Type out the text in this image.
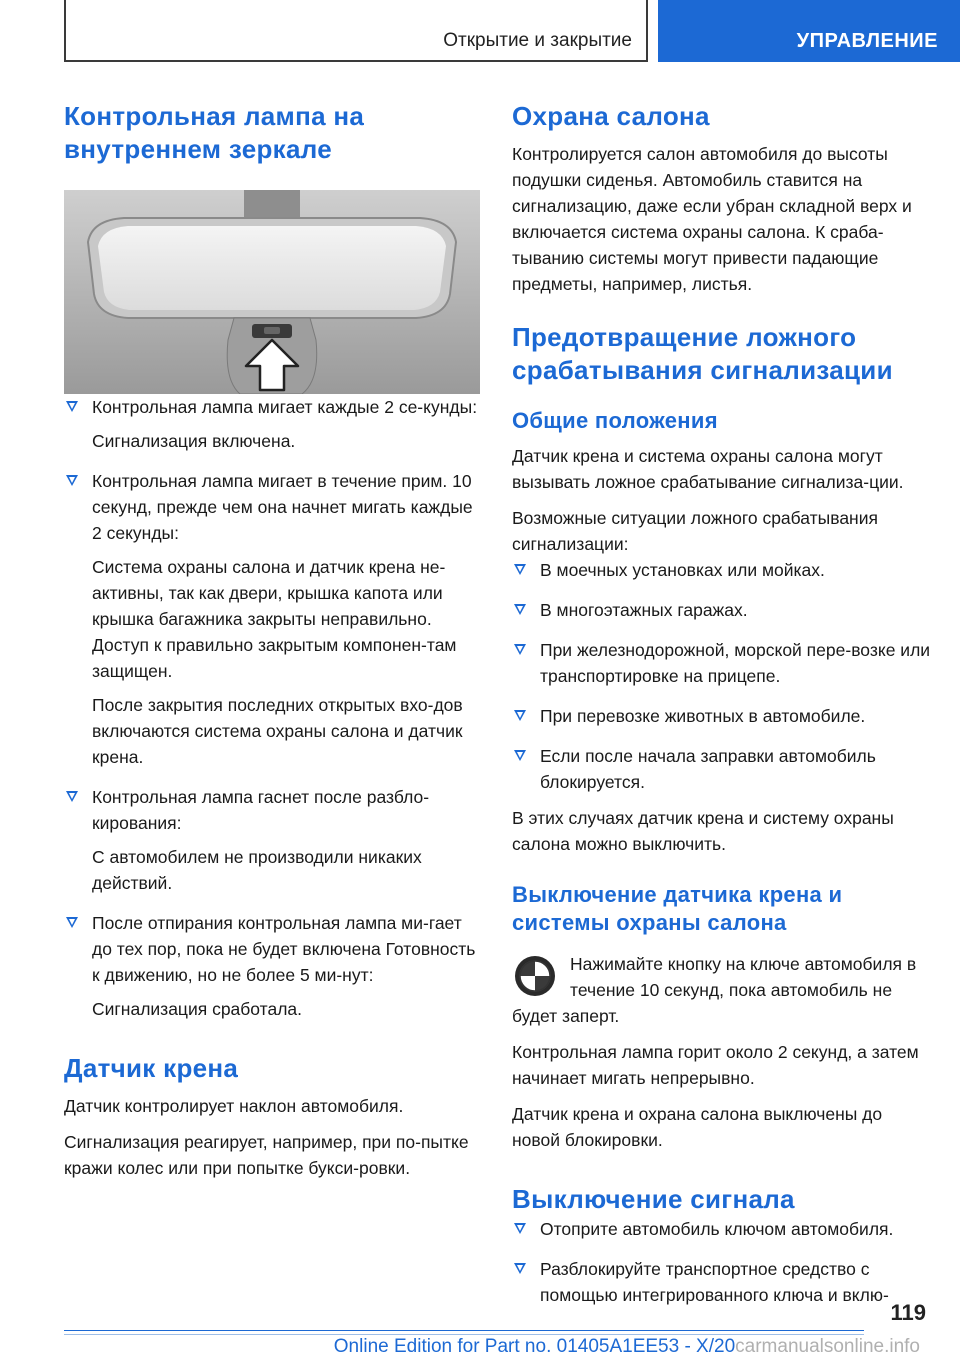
Открытие и закрытие	УПРАВЛЕНИЕ
Контрольная лампа на
внутреннем зеркале
Контрольная лампа мигает каждые 2 се‐кунды:

Сигнализация включена.

Контрольная лампа мигает в течение прим. 10 секунд, прежде чем она начнет мигать каждые 2 секунды:

Система охраны салона и датчик крена не‐активны, так как двери, крышка капота или крышка багажника закрыты неправильно. Доступ к правильно закрытым компонен‐там защищен.

После закрытия последних открытых вхо‐дов включаются система охраны салона и датчик крена.

Контрольная лампа гаснет после разбло‐кирования:

С автомобилем не производили никаких действий.

После отпирания контрольная лампа ми‐гает до тех пор, пока не будет включена Готовность к движению, но не более 5 ми‐нут:

Сигнализация сработала.

Датчик крена

Датчик контролирует наклон автомобиля.

Сигнализация реагирует, например, при по‐пытке кражи колес или при попытке букси‐ровки.

Охрана салона

Контролируется салон автомобиля до высоты подушки сиденья. Автомобиль ставится на сигнализацию, даже если убран складной верх и включается система охраны салона. К сраба‐тыванию системы могут привести падающие предметы, например, листья.

Предотвращение ложного
срабатывания сигнализации
Общие положения

Датчик крена и система охраны салона могут вызывать ложное срабатывание сигнализа‐ции.

Возможные ситуации ложного срабатывания сигнализации:

В моечных установках или мойках.
В многоэтажных гаражах.
При железнодорожной, морской пере‐возке или транспортировке на прицепе.
При перевозке животных в автомобиле.
Если после начала заправки автомобиль блокируется.

В этих случаях датчик крена и систему охраны салона можно выключить.

Выключение датчика крена и
системы охраны салона

Нажимайте кнопку на ключе автомобиля в течение 10 секунд, пока автомобиль не будет заперт.

Контрольная лампа горит около 2 секунд, а затем начинает мигать непрерывно.

Датчик крена и охрана салона выключены до новой блокировки.

Выключение сигнала
Отоприте автомобиль ключом автомобиля.
Разблокируйте транспортное средство с помощью интегрированного ключа и вклю‐
119
Online Edition for Part no. 01405A1EE53 - X/20carmanualsonline.info
